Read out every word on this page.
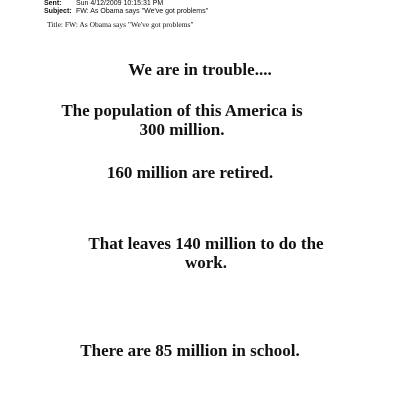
Sent: Sun 4/12/2009 10:15:31 PM
Subject: FW: As Obama says "We've got problems"
Title: FW: As Obama says "We've got problems"
We are in trouble....
The population of this America is
300 million.
160 million are retired.
That leaves 140 million to do the
work.
There are 85 million in school.
